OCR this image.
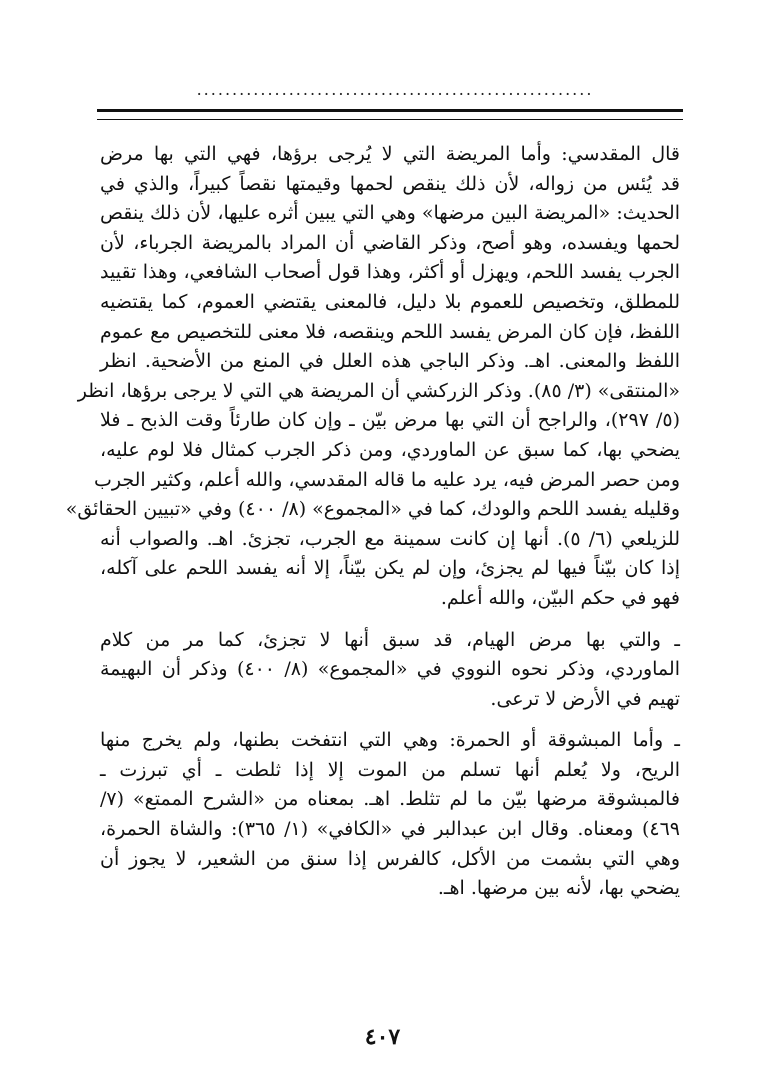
........................................................
قال المقدسي: وأما المريضة التي لا يُرجى برؤها، فهي التي بها مرض
قد يُئس من زواله، لأن ذلك ينقص لحمها وقيمتها نقصاً كبيراً، والذي في
الحديث: «المريضة البين مرضها» وهي التي يبين أثره عليها، لأن ذلك ينقص
لحمها ويفسده، وهو أصح، وذكر القاضي أن المراد بالمريضة الجرباء، لأن
الجرب يفسد اللحم، ويهزل أو أكثر، وهذا قول أصحاب الشافعي، وهذا تقييد
للمطلق، وتخصيص للعموم بلا دليل، فالمعنى يقتضي العموم، كما يقتضيه
اللفظ، فإن كان المرض يفسد اللحم وينقصه، فلا معنى للتخصيص مع عموم
اللفظ والمعنى. اهـ. وذكر الباجي هذه العلل في المنع من الأضحية. انظر
«المنتقى» (٣/ ٨٥). وذكر الزركشي أن المريضة هي التي لا يرجى برؤها، انظر
(٥/ ٢٩٧)، والراجح أن التي بها مرض بيّن ـ وإن كان طارئاً وقت الذبح ـ فلا
يضحي بها، كما سبق عن الماوردي، ومن ذكر الجرب كمثال فلا لوم عليه،
ومن حصر المرض فيه، يرد عليه ما قاله المقدسي، والله أعلم، وكثير الجرب
وقليله يفسد اللحم والودك، كما في «المجموع» (٨/ ٤٠٠) وفي «تبيين الحقائق»
للزيلعي (٦/ ٥). أنها إن كانت سمينة مع الجرب، تجزئ. اهـ. والصواب أنه
إذا كان بيّناً فيها لم يجزئ، وإن لم يكن بيّناً، إلا أنه يفسد اللحم على آكله،
فهو في حكم البيّن، والله أعلم.
ـ والتي بها مرض الهيام، قد سبق أنها لا تجزئ، كما مر من كلام
الماوردي، وذكر نحوه النووي في «المجموع» (٨/ ٤٠٠) وذكر أن البهيمة
تهيم في الأرض لا ترعى.
ـ وأما المبشوقة أو الحمرة: وهي التي انتفخت بطنها، ولم يخرج منها
الريح، ولا يُعلم أنها تسلم من الموت إلا إذا ثلطت ـ أي تبرزت ـ
فالمبشوقة مرضها بيّن ما لم تثلط. اهـ. بمعناه من «الشرح الممتع» (٧/
٤٦٩) ومعناه. وقال ابن عبدالبر في «الكافي» (١/ ٣٦٥): والشاة الحمرة،
وهي التي بشمت من الأكل، كالفرس إذا سنق من الشعير، لا يجوز أن
يضحي بها، لأنه بين مرضها. اهـ.
٤٠٧
